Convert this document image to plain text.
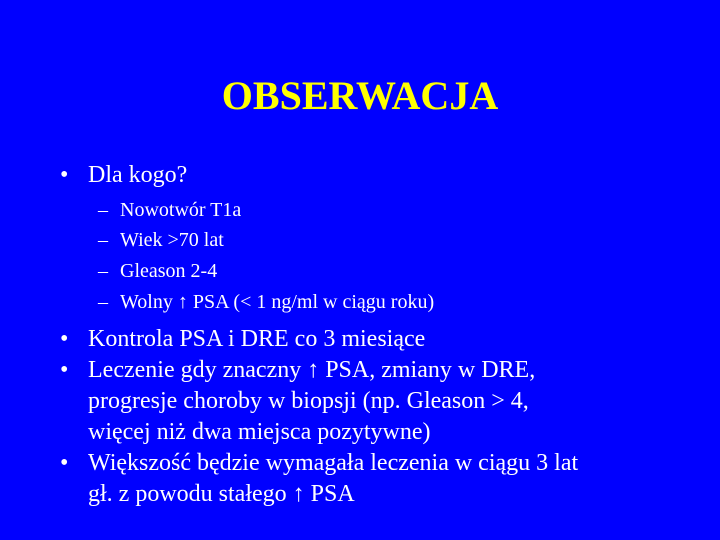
OBSERWACJA
• Dla kogo?
– Nowotwór T1a
– Wiek >70 lat
– Gleason 2-4
– Wolny ↑ PSA (< 1 ng/ml w ciągu roku)
• Kontrola PSA i DRE co 3 miesiące
• Leczenie gdy znaczny ↑ PSA, zmiany w DRE,
progresje choroby w biopsji (np. Gleason > 4,
więcej niż dwa miejsca pozytywne)
• Większość będzie wymagała leczenia w ciągu 3 lat
gł. z powodu stałego ↑ PSA
